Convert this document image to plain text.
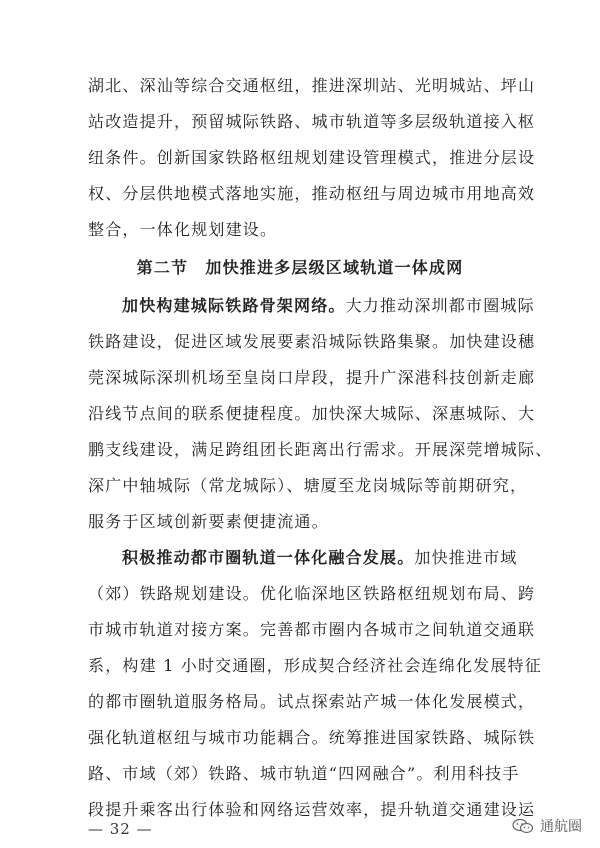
湖北、深汕等综合交通枢纽，推进深圳站、光明城站、坪山
站改造提升，预留城际铁路、城市轨道等多层级轨道接入枢
纽条件。创新国家铁路枢纽规划建设管理模式，推进分层设
权、分层供地模式落地实施，推动枢纽与周边城市用地高效
整合，一体化规划建设。
第二节　加快推进多层级区域轨道一体成网
加快构建城际铁路骨架网络。大力推动深圳都市圈城际
铁路建设，促进区域发展要素沿城际铁路集聚。加快建设穗
莞深城际深圳机场至皇岗口岸段，提升广深港科技创新走廊
沿线节点间的联系便捷程度。加快深大城际、深惠城际、大
鹏支线建设，满足跨组团长距离出行需求。开展深莞增城际、
深广中轴城际（常龙城际）、塘厦至龙岗城际等前期研究，
服务于区域创新要素便捷流通。
积极推动都市圈轨道一体化融合发展。加快推进市域
（郊）铁路规划建设。优化临深地区铁路枢纽规划布局、跨
市城市轨道对接方案。完善都市圈内各城市之间轨道交通联
系，构建 1 小时交通圈，形成契合经济社会连绵化发展特征
的都市圈轨道服务格局。试点探索站产城一体化发展模式，
强化轨道枢纽与城市功能耦合。统筹推进国家铁路、城际铁
路、市域（郊）铁路、城市轨道“四网融合”。利用科技手
段提升乘客出行体验和网络运营效率，提升轨道交通建设运
— 32 —	通航圈
